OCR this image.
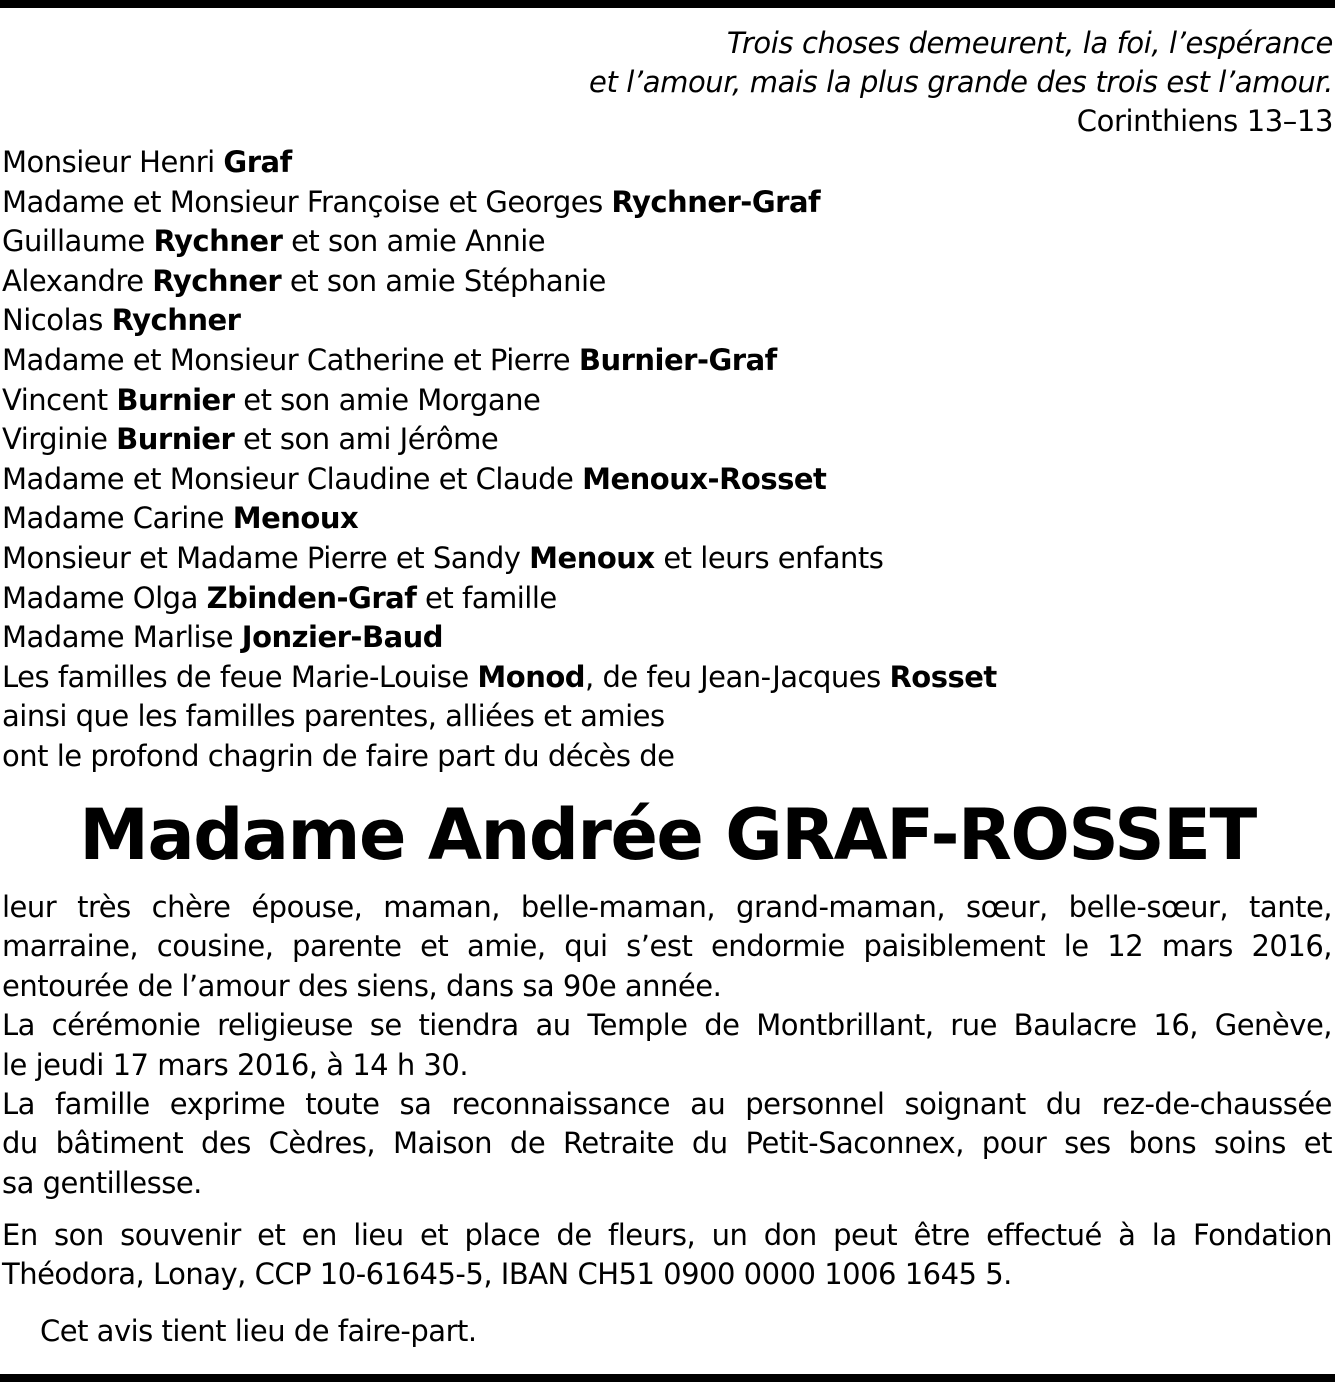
Trois choses demeurent, la foi, l’espérance
et l’amour, mais la plus grande des trois est l’amour.
Corinthiens 13–13
Monsieur Henri Graf
Madame et Monsieur Françoise et Georges Rychner-Graf
Guillaume Rychner et son amie Annie
Alexandre Rychner et son amie Stéphanie
Nicolas Rychner
Madame et Monsieur Catherine et Pierre Burnier-Graf
Vincent Burnier et son amie Morgane
Virginie Burnier et son ami Jérôme
Madame et Monsieur Claudine et Claude Menoux-Rosset
Madame Carine Menoux
Monsieur et Madame Pierre et Sandy Menoux et leurs enfants
Madame Olga Zbinden-Graf et famille
Madame Marlise Jonzier-Baud
Les familles de feue Marie-Louise Monod, de feu Jean-Jacques Rosset
ainsi que les familles parentes, alliées et amies
ont le profond chagrin de faire part du décès de
Madame Andrée GRAF-ROSSET
leur très chère épouse, maman, belle-maman, grand-maman, sœur, belle-sœur, tante,
marraine, cousine, parente et amie, qui s’est endormie paisiblement le 12 mars 2016,
entourée de l’amour des siens, dans sa 90e année.
La cérémonie religieuse se tiendra au Temple de Montbrillant, rue Baulacre 16, Genève,
le jeudi 17 mars 2016, à 14 h 30.
La famille exprime toute sa reconnaissance au personnel soignant du rez-de-chaussée
du bâtiment des Cèdres, Maison de Retraite du Petit-Saconnex, pour ses bons soins et
sa gentillesse.
En son souvenir et en lieu et place de fleurs, un don peut être effectué à la Fondation
Théodora, Lonay, CCP 10-61645-5, IBAN CH51 0900 0000 1006 1645 5.
Cet avis tient lieu de faire-part.
